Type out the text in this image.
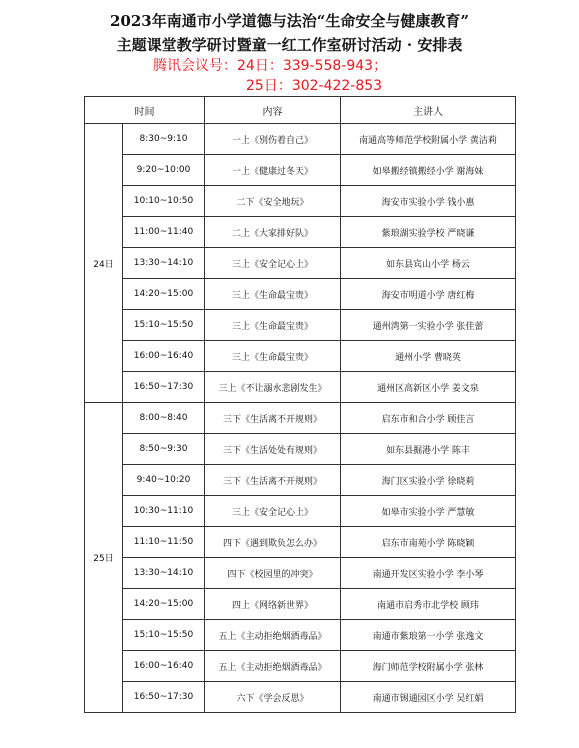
2023年南通市小学道德与法治“生命安全与健康教育”
主题课堂教学研讨暨童一红工作室研讨活动 · 安排表
腾讯会议号：24日：339-558-943；
25日：302-422-853
时间		内容	主讲人
24日	8:30~9:10	一上《别伤着自己》	南通高等师范学校附属小学 黄洁莉
	9:20~10:00	一上《健康过冬天》	如皋搬经镇搬经小学 谢海妹
	10:10~10:50	二下《安全地玩》	海安市实验小学 钱小惠
	11:00~11:40	二上《大家排好队》	紫琅湖实验学校 严晓谦
	13:30~14:10	三上《安全记心上》	如东县宾山小学 杨云
	14:20~15:00	三上《生命最宝贵》	海安市明道小学 唐红梅
	15:10~15:50	三上《生命最宝贵》	通州湾第一实验小学 张佳蕾
	16:00~16:40	三上《生命最宝贵》	通州小学 曹晓英
	16:50~17:30	三上《不让溺水悲剧发生》	通州区高新区小学 姜文泉
25日	8:00~8:40	三下《生活离不开规则》	启东市和合小学 顾佳言
	8:50~9:30	三下《生活处处有规则》	如东县掘港小学 陈丰
	9:40~10:20	三下《生活离不开规则》	海门区实验小学 徐晓莉
	10:30~11:10	三上《安全记心上》	如皋市实验小学 严慧敏
	11:10~11:50	四下《遇到欺负怎么办》	启东市南苑小学 陈晓颖
	13:30~14:10	四下《校园里的冲突》	南通开发区实验小学 李小琴
	14:20~15:00	四上《网络新世界》	南通市启秀市北学校 顾玮
	15:10~15:50	五上《主动拒绝烟酒毒品》	南通市紫琅第一小学 张逸文
	16:00~16:40	五上《主动拒绝烟酒毒品》	海门师范学校附属小学 张林
	16:50~17:30	六下《学会反思》	南通市锡通园区小学 吴红娟
